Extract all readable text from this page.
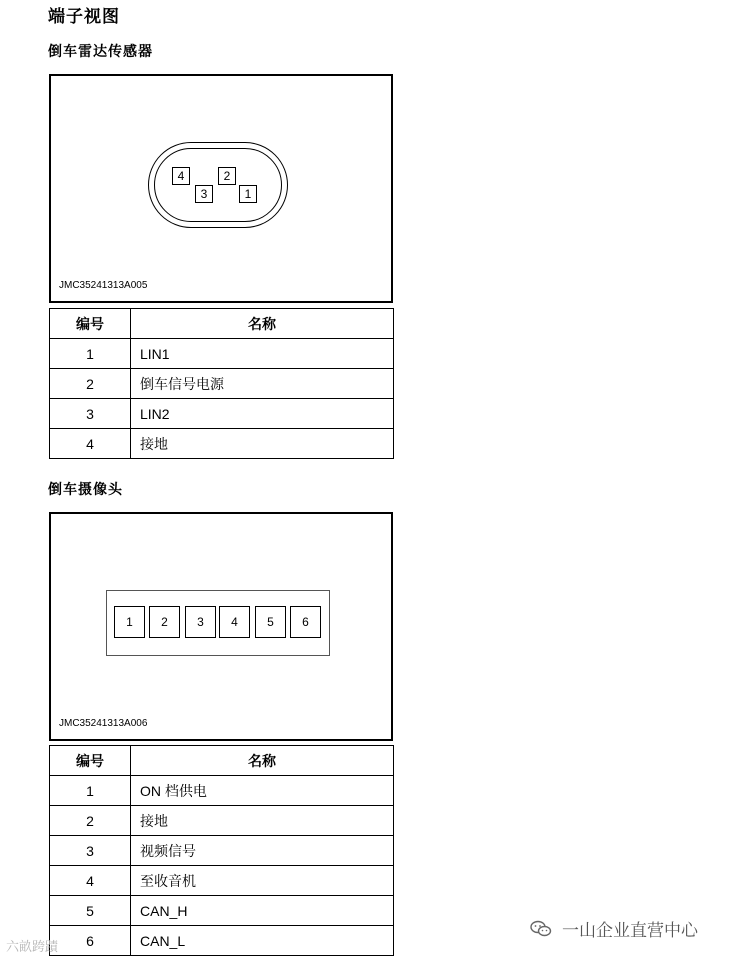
端子视图
倒车雷达传感器
4
3
2
1
JMC35241313A005
编号	名称
1	LIN1
2	倒车信号电源
3	LIN2
4	接地
倒车摄像头
1	2	3	4	5	6
JMC35241313A006
编号	名称
1	ON 档供电
2	接地
3	视频信号
4	至收音机
5	CAN_H
6	CAN_L
六畝跨蹟
一山企业直营中心
